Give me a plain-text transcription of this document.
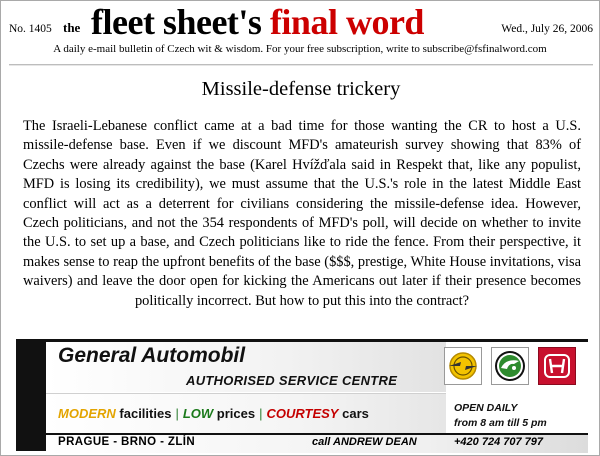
No. 1405 the fleet sheet's final word	Wed., July 26, 2006
A daily e-mail bulletin of Czech wit & wisdom. For your free subscription, write to subscribe@fsfinalword.com
Missile-defense trickery
The Israeli-Lebanese conflict came at a bad time for those wanting the CR to host a U.S. missile-defense base. Even if we discount MFD's amateurish survey showing that 83% of Czechs were already against the base (Karel Hvížďala said in Respekt that, like any populist, MFD is losing its credibility), we must assume that the U.S.'s role in the latest Middle East conflict will act as a deterrent for civilians considering the missile-defense idea. However, Czech politicians, and not the 354 respondents of MFD's poll, will decide on whether to invite the U.S. to set up a base, and Czech politicians like to ride the fence. From their perspective, it makes sense to reap the upfront benefits of the base ($$$, prestige, White House invitations, visa waivers) and leave the door open for kicking the Americans out later if their presence becomes politically incorrect. But how to put this into the contract?
General Automobil
AUTHORISED SERVICE CENTRE
MODERN facilities | LOW prices | COURTESY cars	OPEN DAILY
from 8 am till 5 pm
PRAGUE - BRNO - ZLÍN	call ANDREW DEAN	+420 724 707 797
